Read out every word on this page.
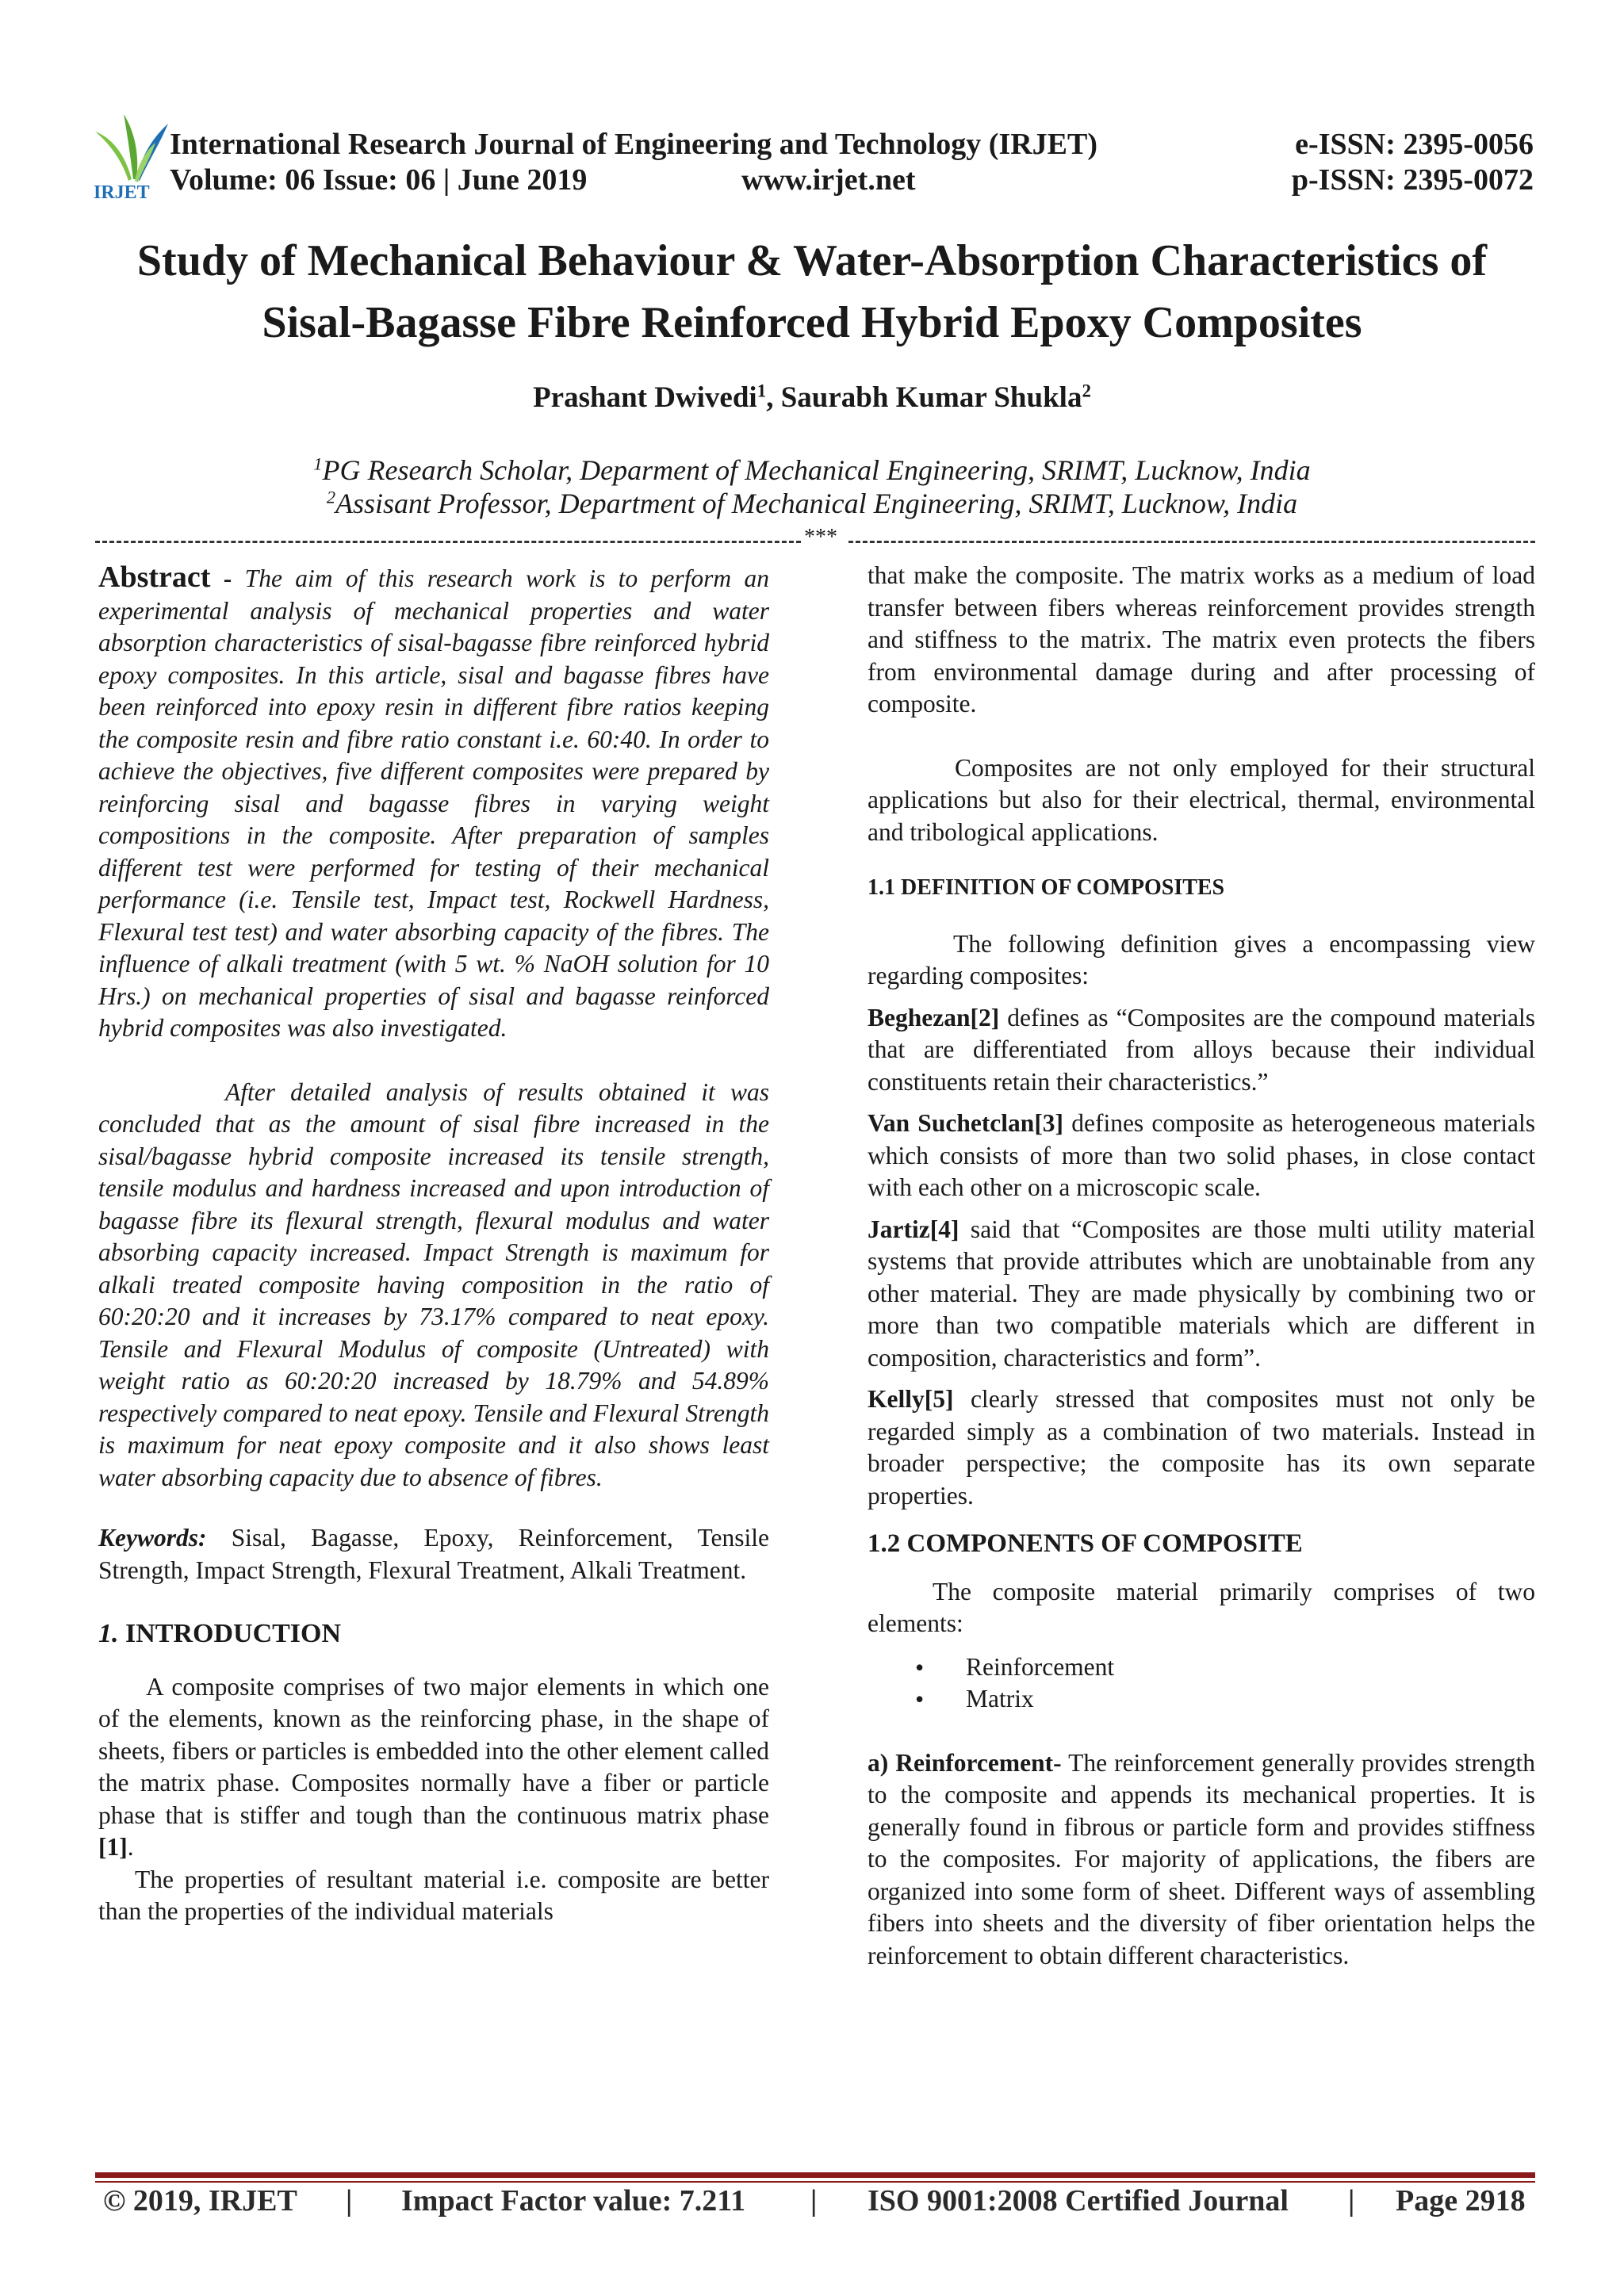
IRJET
International Research Journal of Engineering and Technology (IRJET)	e-ISSN: 2395-0056
Volume: 06 Issue: 06 | June 2019	www.irjet.net	p-ISSN: 2395-0072
Study of Mechanical Behaviour & Water-Absorption Characteristics of
Sisal-Bagasse Fibre Reinforced Hybrid Epoxy Composites
Prashant Dwivedi$^1$, Saurabh Kumar Shukla$^2$
$^1$PG Research Scholar, Deparment of Mechanical Engineering, SRIMT, Lucknow, India
$^2$Assisant Professor, Department of Mechanical Engineering, SRIMT, Lucknow, India
***

Abstract - The aim of this research work is to perform an experimental analysis of mechanical properties and water absorption characteristics of sisal-bagasse fibre reinforced hybrid epoxy composites. In this article, sisal and bagasse fibres have been reinforced into epoxy resin in different fibre ratios keeping the composite resin and fibre ratio constant i.e. 60:40. In order to achieve the objectives, five different composites were prepared by reinforcing sisal and bagasse fibres in varying weight compositions in the composite. After preparation of samples different test were performed for testing of their mechanical performance (i.e. Tensile test, Impact test, Rockwell Hardness, Flexural test test) and water absorbing capacity of the fibres. The influence of alkali treatment (with 5 wt. % NaOH solution for 10 Hrs.) on mechanical properties of sisal and bagasse reinforced hybrid composites was also investigated.

After detailed analysis of results obtained it was concluded that as the amount of sisal fibre increased in the sisal/bagasse hybrid composite increased its tensile strength, tensile modulus and hardness increased and upon introduction of bagasse fibre its flexural strength, flexural modulus and water absorbing capacity increased. Impact Strength is maximum for alkali treated composite having composition in the ratio of 60:20:20 and it increases by 73.17% compared to neat epoxy. Tensile and Flexural Modulus of composite (Untreated) with weight ratio as 60:20:20 increased by 18.79% and 54.89% respectively compared to neat epoxy. Tensile and Flexural Strength is maximum for neat epoxy composite and it also shows least water absorbing capacity due to absence of fibres.

Keywords: Sisal, Bagasse, Epoxy, Reinforcement, Tensile Strength, Impact Strength, Flexural Treatment, Alkali Treatment.

1. INTRODUCTION

A composite comprises of two major elements in which one of the elements, known as the reinforcing phase, in the shape of sheets, fibers or particles is embedded into the other element called the matrix phase. Composites normally have a fiber or particle phase that is stiffer and tough than the continuous matrix phase [1].

The properties of resultant material i.e. composite are better than the properties of the individual materials

that make the composite. The matrix works as a medium of load transfer between fibers whereas reinforcement provides strength and stiffness to the matrix. The matrix even protects the fibers from environmental damage during and after processing of composite.

Composites are not only employed for their structural applications but also for their electrical, thermal, environmental and tribological applications.

1.1 DEFINITION OF COMPOSITES

The following definition gives a encompassing view regarding composites:

Beghezan[2] defines as “Composites are the compound materials that are differentiated from alloys because their individual constituents retain their characteristics.”

Van Suchetclan[3] defines composite as heterogeneous materials which consists of more than two solid phases, in close contact with each other on a microscopic scale.

Jartiz[4] said that “Composites are those multi utility material systems that provide attributes which are unobtainable from any other material. They are made physically by combining two or more than two compatible materials which are different in composition, characteristics and form”.

Kelly[5] clearly stressed that composites must not only be regarded simply as a combination of two materials. Instead in broader perspective; the composite has its own separate properties.

1.2 COMPONENTS OF COMPOSITE

The composite material primarily comprises of two elements:

• Reinforcement
• Matrix

a) Reinforcement- The reinforcement generally provides strength to the composite and appends its mechanical properties. It is generally found in fibrous or particle form and provides stiffness to the composites. For majority of applications, the fibers are organized into some form of sheet. Different ways of assembling fibers into sheets and the diversity of fiber orientation helps the reinforcement to obtain different characteristics.

© 2019, IRJET | Impact Factor value: 7.211 | ISO 9001:2008 Certified Journal | Page 2918
